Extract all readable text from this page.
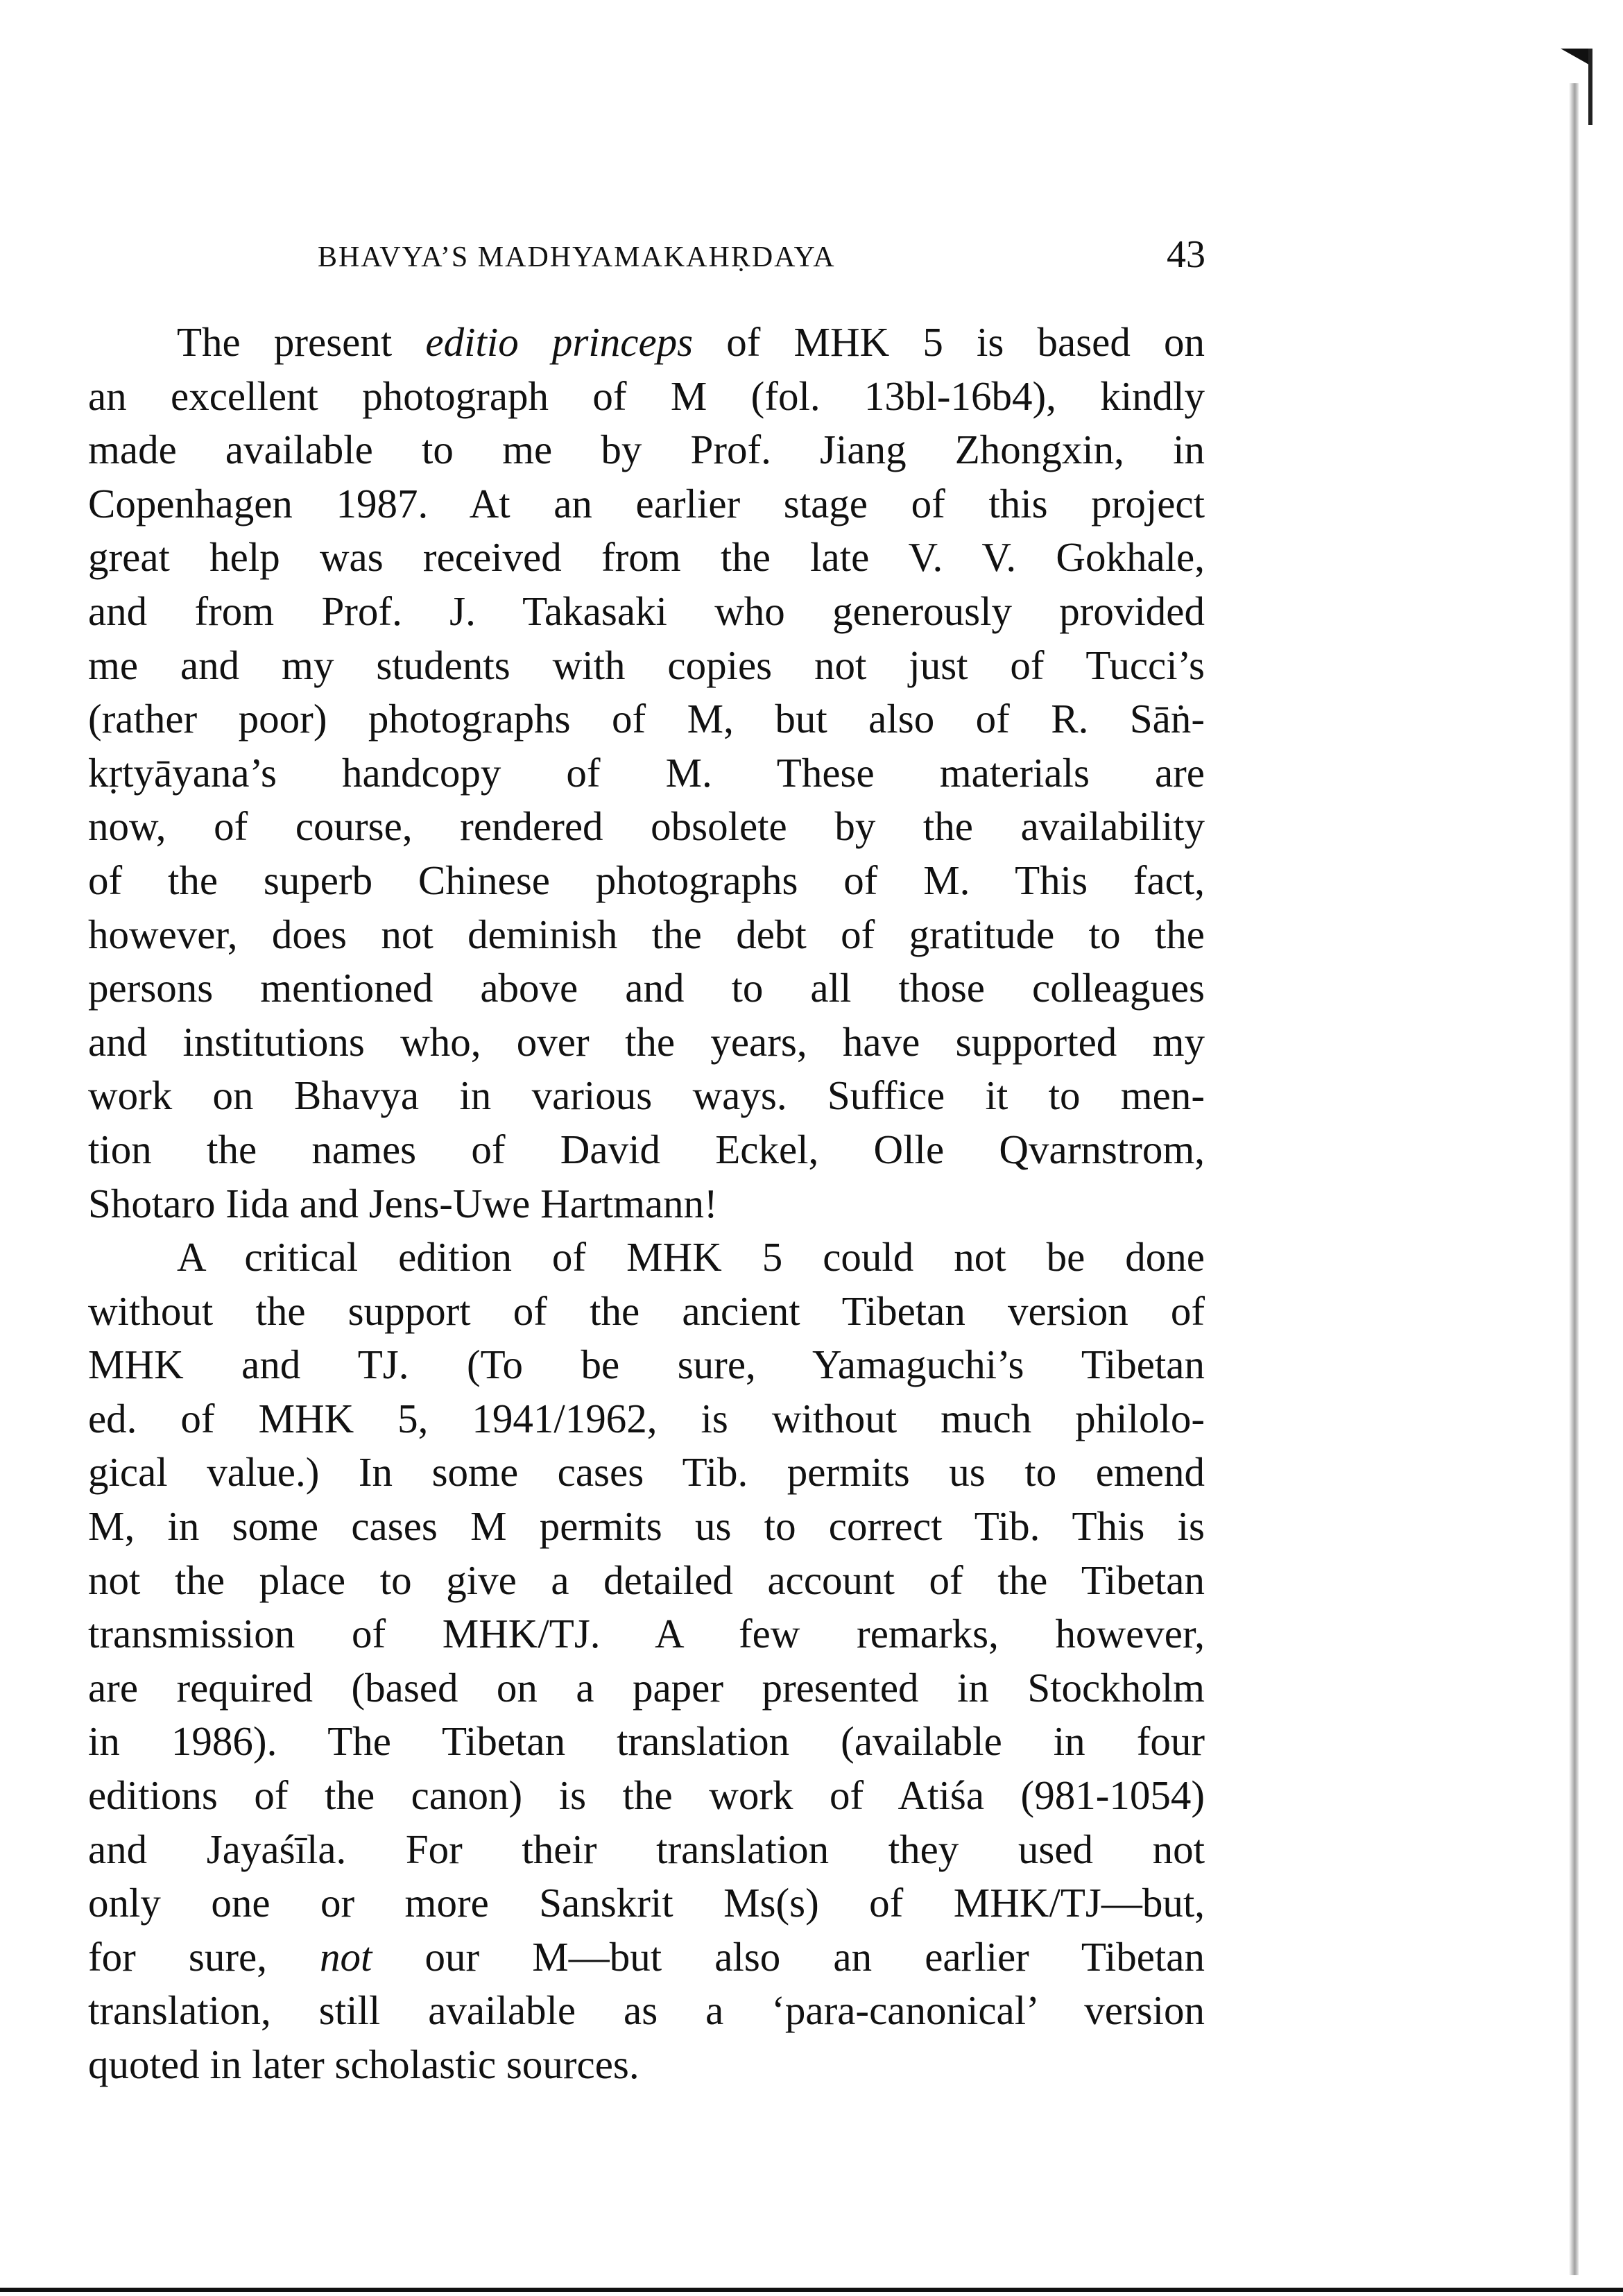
BHAVYA’S MADHYAMAKAHṚDAYA	43
The present editio princeps of MHK 5 is based on
an excellent photograph of M (fol. 13bl-16b4), kindly
made available to me by Prof. Jiang Zhongxin, in
Copenhagen 1987. At an earlier stage of this project
great help was received from the late V. V. Gokhale,
and from Prof. J. Takasaki who generously provided
me and my students with copies not just of Tucci’s
(rather poor) photographs of M, but also of R. Sāṅ-
kṛtyāyana’s handcopy of M. These materials are
now, of course, rendered obsolete by the availability
of the superb Chinese photographs of M. This fact,
however, does not deminish the debt of gratitude to the
persons mentioned above and to all those colleagues
and institutions who, over the years, have supported my
work on Bhavya in various ways. Suffice it to men-
tion the names of David Eckel, Olle Qvarnstrom,
Shotaro Iida and Jens-Uwe Hartmann!
A critical edition of MHK 5 could not be done
without the support of the ancient Tibetan version of
MHK and TJ. (To be sure, Yamaguchi’s Tibetan
ed. of MHK 5, 1941/1962, is without much philolo-
gical value.) In some cases Tib. permits us to emend
M, in some cases M permits us to correct Tib. This is
not the place to give a detailed account of the Tibetan
transmission of MHK/TJ. A few remarks, however,
are required (based on a paper presented in Stockholm
in 1986). The Tibetan translation (available in four
editions of the canon) is the work of Atiśa (981-1054)
and Jayaśīla. For their translation they used not
only one or more Sanskrit Ms(s) of MHK/TJ—but,
for sure, not our M—but also an earlier Tibetan
translation, still available as a ‘para-canonical’ version
quoted in later scholastic sources.
